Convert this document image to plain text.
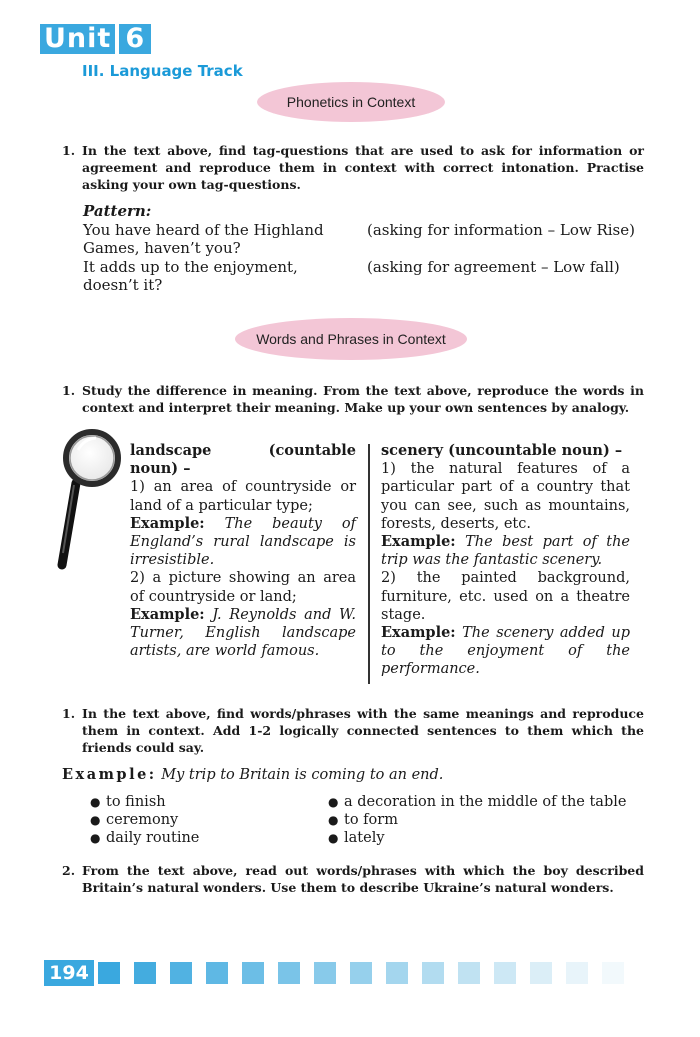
Unit 6
III. Language Track
Phonetics in Context
1. In the text above, find tag-questions that are used to ask for information or agreement and reproduce them in context with correct intonation. Practise asking your own tag-questions.
Pattern:
You have heard of the Highland
Games, haven’t you?
(asking for information – Low Rise)
It adds up to the enjoyment,
doesn’t it?
(asking for agreement – Low fall)
Words and Phrases in Context
1. Study the difference in meaning. From the text above, reproduce the words in context and interpret their meaning. Make up your own sentences by analogy.
landscape (countable noun) –
1) an area of countryside or land of a particular type;
Example: The beauty of England’s rural landscape is irresistible.
2) a picture showing an area of countryside or land;
Example: J. Reynolds and W. Turner, English landscape artists, are world famous.
scenery (uncountable noun) –
1) the natural features of a particular part of a country that you can see, such as mountains, forests, deserts, etc.
Example: The best part of the trip was the fantastic scenery.
2) the painted background, furniture, etc. used on a theatre stage.
Example: The scenery added up to the enjoyment of the performance.
1. In the text above, find words/phrases with the same meanings and reproduce them in context. Add 1-2 logically connected sentences to them which the friends could say.
Example: My trip to Britain is coming to an end.
● to finish
● ceremony
● daily routine
● a decoration in the middle of the table
● to form
● lately
2. From the text above, read out words/phrases with which the boy described Britain’s natural wonders. Use them to describe Ukraine’s natural wonders.
194
